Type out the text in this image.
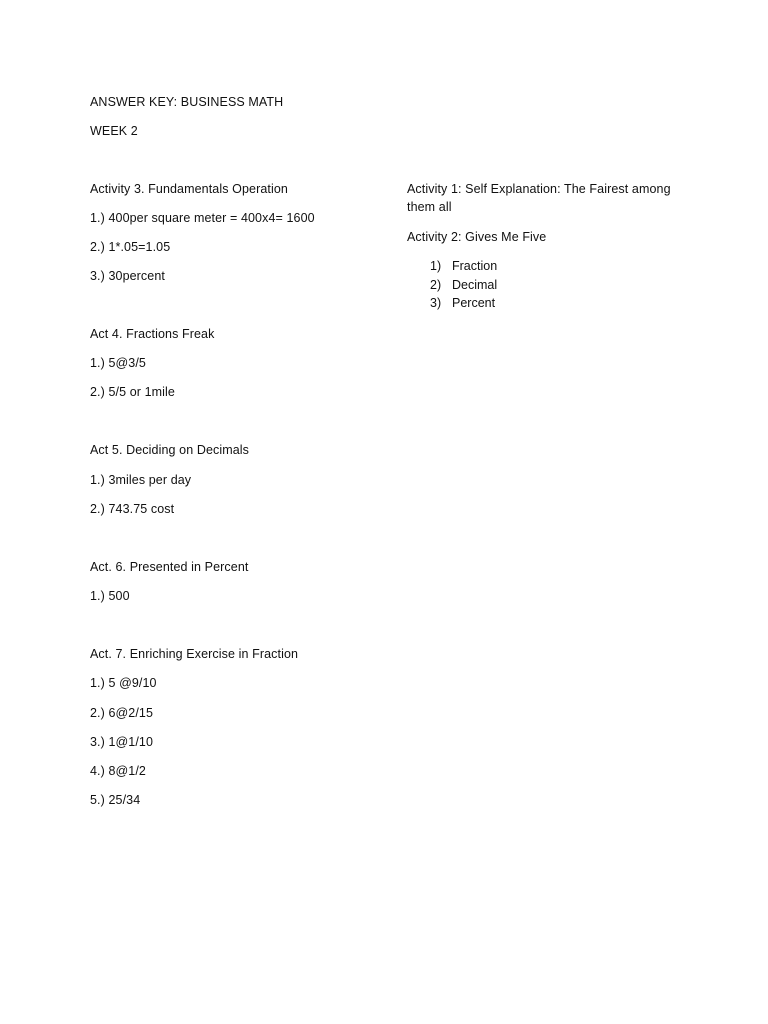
ANSWER KEY: BUSINESS MATH

WEEK 2

Activity 3. Fundamentals Operation

1.) 400per square meter = 400x4= 1600

2.) 1*.05=1.05

3.) 30percent

Act 4. Fractions Freak

1.) 5@3/5

2.) 5/5 or 1mile

Act 5. Deciding on Decimals

1.) 3miles per day

2.) 743.75 cost

Act. 6. Presented in Percent

1.) 500

Act. 7. Enriching Exercise in Fraction

1.) 5 @9/10

2.) 6@2/15

3.) 1@1/10

4.) 8@1/2

5.) 25/34

Activity 1: Self Explanation: The Fairest among them all

Activity 2: Gives Me Five

1) Fraction
2) Decimal
3) Percent
